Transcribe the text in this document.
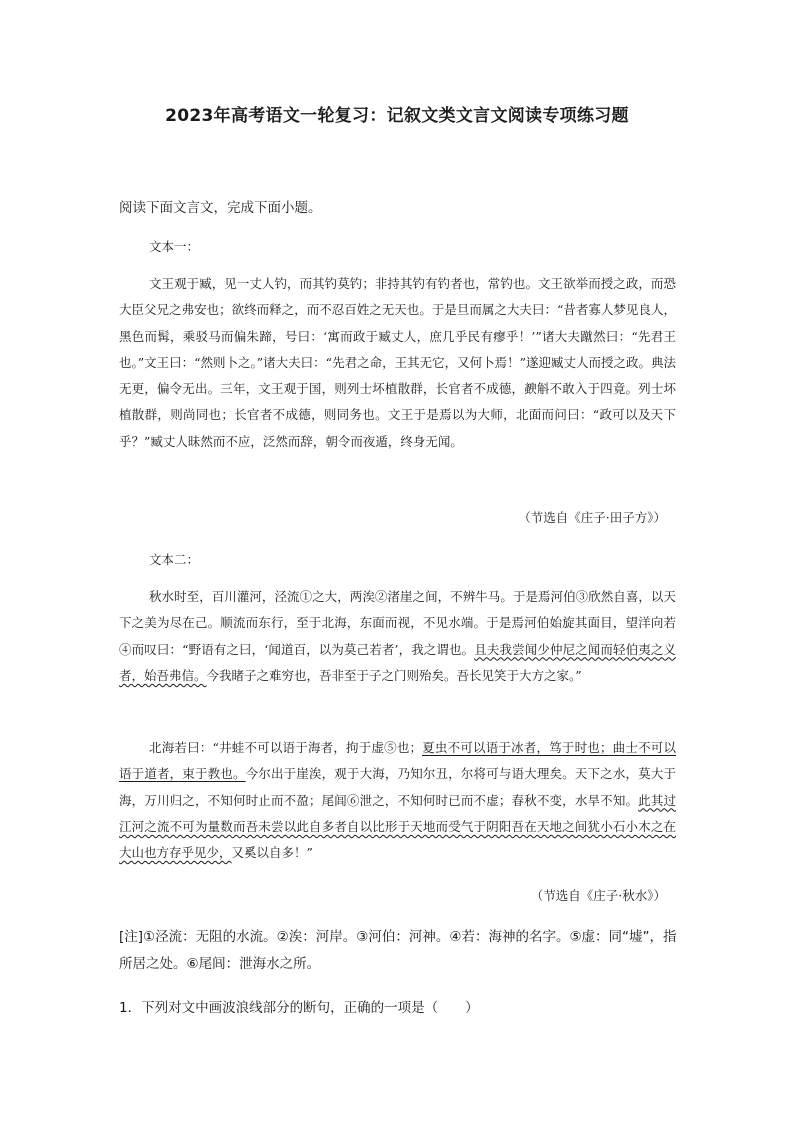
2023年高考语文一轮复习：记叙文类文言文阅读专项练习题
阅读下面文言文，完成下面小题。
文本一：
文王观于臧，见一丈人钓，而其钓莫钓；非持其钓有钓者也，常钓也。文王欲举而授之政，而恐大臣父兄之弗安也；欲终而释之，而不忍百姓之无天也。于是旦而属之大夫曰：“昔者寡人梦见良人，黑色而髯，乘驳马而偏朱蹄，号曰：‘寓而政于臧丈人，庶几乎民有瘳乎！’”诸大夫蹴然曰：“先君王也。”文王曰：“然则卜之。”诸大夫曰：“先君之命，王其无它，又何卜焉！”遂迎臧丈人而授之政。典法无更，偏令无出。三年，文王观于国，则列士坏植散群，长官者不成德，斔斛不敢入于四竟。列士坏植散群，则尚同也；长官者不成德，则同务也。文王于是焉以为大师，北面而问曰：“政可以及天下乎？”臧丈人昧然而不应，泛然而辞，朝令而夜遁，终身无闻。
（节选自《庄子·田子方》）
文本二：
秋水时至，百川灌河，泾流①之大，两涘②渚崖之间，不辨牛马。于是焉河伯③欣然自喜，以天下之美为尽在己。顺流而东行，至于北海，东面而视，不见水端。于是焉河伯始旋其面目，望洋向若④而叹曰：“野语有之曰，‘闻道百，以为莫己若者’，我之谓也。且夫我尝闻少仲尼之闻而轻伯夷之义者，始吾弗信。今我睹子之难穷也，吾非至于子之门则殆矣。吾长见笑于大方之家。”
北海若曰：“井蛙不可以语于海者，拘于虚⑤也；夏虫不可以语于冰者，笃于时也；曲士不可以语于道者，束于教也。今尔出于崖涘，观于大海，乃知尔丑，尔将可与语大理矣。天下之水，莫大于海，万川归之，不知何时止而不盈；尾闾⑥泄之，不知何时已而不虚；春秋不变，水旱不知。此其过江河之流不可为量数而吾未尝以此自多者自以比形于天地而受气于阴阳吾在天地之间犹小石小木之在大山也方存乎见少，又奚以自多！”
（节选自《庄子·秋水》）
[注]①泾流：无阻的水流。②涘：河岸。③河伯：河神。④若：海神的名字。⑤虚：同“墟”，指所居之处。⑥尾闾：泄海水之所。
1．下列对文中画波浪线部分的断句，正确的一项是（　　）
